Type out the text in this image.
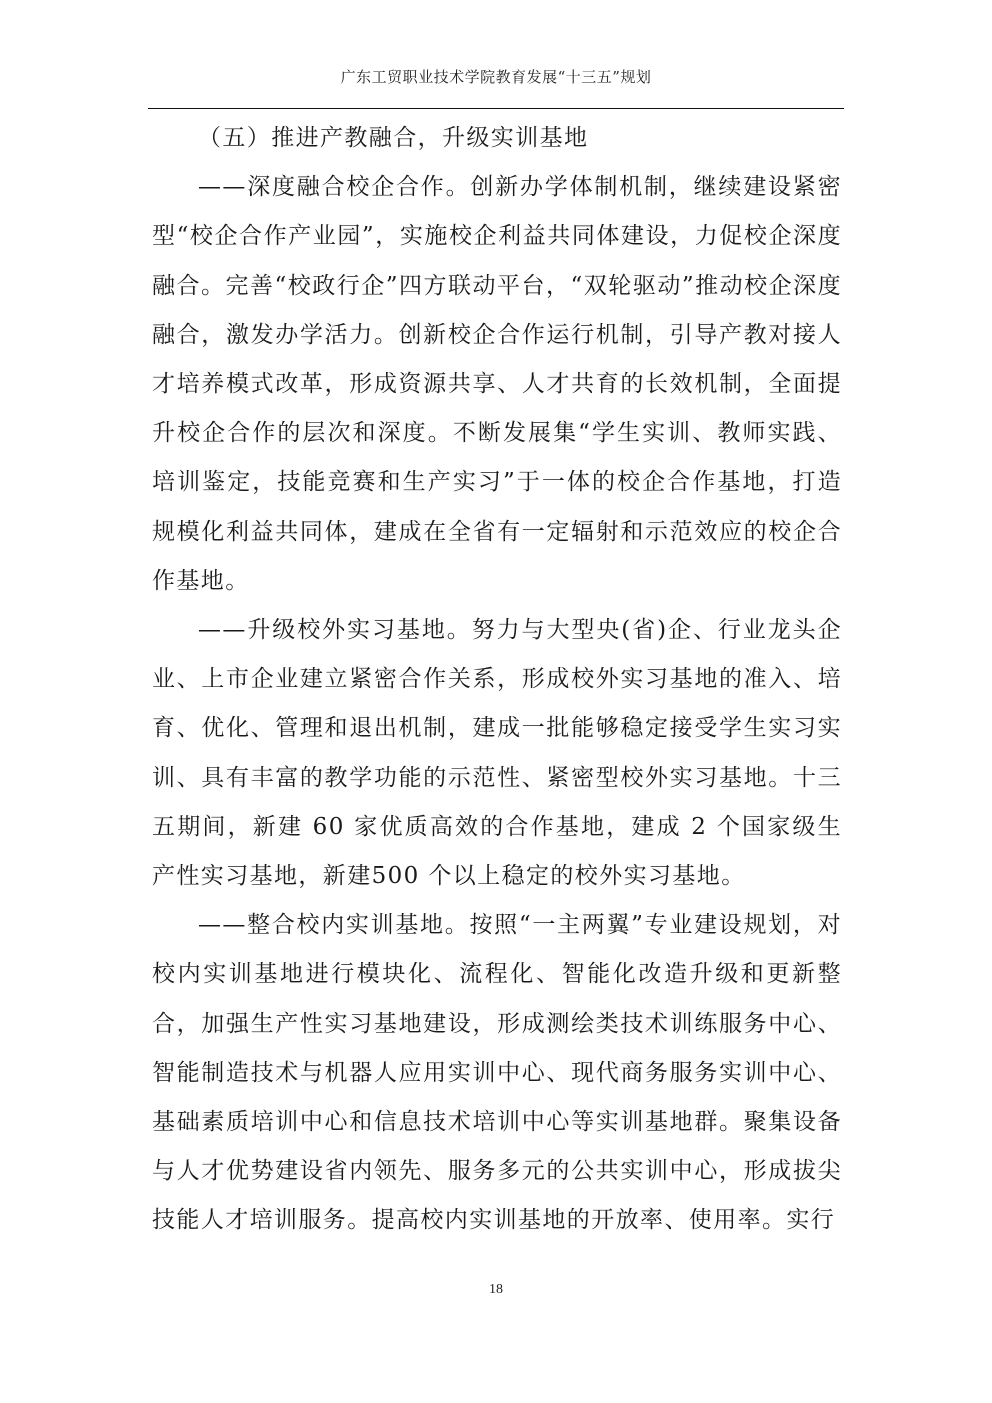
广东工贸职业技术学院教育发展“十三五”规划

（五）推进产教融合，升级实训基地

——深度融合校企合作。创新办学体制机制，继续建设紧密型“校企合作产业园”，实施校企利益共同体建设，力促校企深度融合。完善“校政行企”四方联动平台，“双轮驱动”推动校企深度融合，激发办学活力。创新校企合作运行机制，引导产教对接人才培养模式改革，形成资源共享、人才共育的长效机制，全面提升校企合作的层次和深度。不断发展集“学生实训、教师实践、培训鉴定，技能竞赛和生产实习”于一体的校企合作基地，打造规模化利益共同体，建成在全省有一定辐射和示范效应的校企合作基地。

——升级校外实习基地。努力与大型央(省)企、行业龙头企业、上市企业建立紧密合作关系，形成校外实习基地的准入、培育、优化、管理和退出机制，建成一批能够稳定接受学生实习实训、具有丰富的教学功能的示范性、紧密型校外实习基地。十三五期间，新建 60 家优质高效的合作基地，建成 2 个国家级生产性实习基地，新建500 个以上稳定的校外实习基地。

——整合校内实训基地。按照“一主两翼”专业建设规划，对校内实训基地进行模块化、流程化、智能化改造升级和更新整合，加强生产性实习基地建设，形成测绘类技术训练服务中心、智能制造技术与机器人应用实训中心、现代商务服务实训中心、基础素质培训中心和信息技术培训中心等实训基地群。聚集设备与人才优势建设省内领先、服务多元的公共实训中心，形成拔尖技能人才培训服务。提高校内实训基地的开放率、使用率。实行

18
